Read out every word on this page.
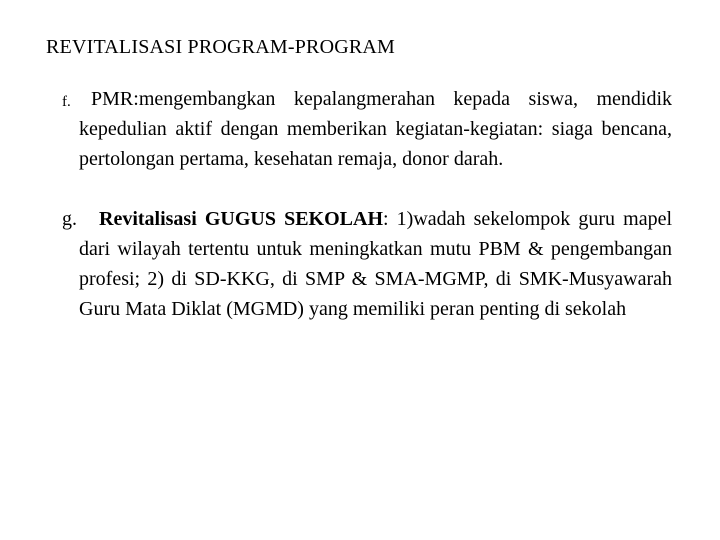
REVITALISASI PROGRAM-PROGRAM
f.	PMR:mengembangkan kepalangmerahan kepada siswa, mendidik kepedulian aktif dengan memberikan kegiatan-kegiatan: siaga bencana, pertolongan pertama, kesehatan remaja, donor darah.
g.	Revitalisasi GUGUS SEKOLAH: 1)wadah sekelompok guru mapel dari wilayah tertentu untuk meningkatkan mutu PBM & pengembangan profesi; 2) di SD-KKG, di SMP & SMA-MGMP, di SMK-Musyawarah Guru Mata Diklat (MGMD) yang memiliki peran penting di sekolah
